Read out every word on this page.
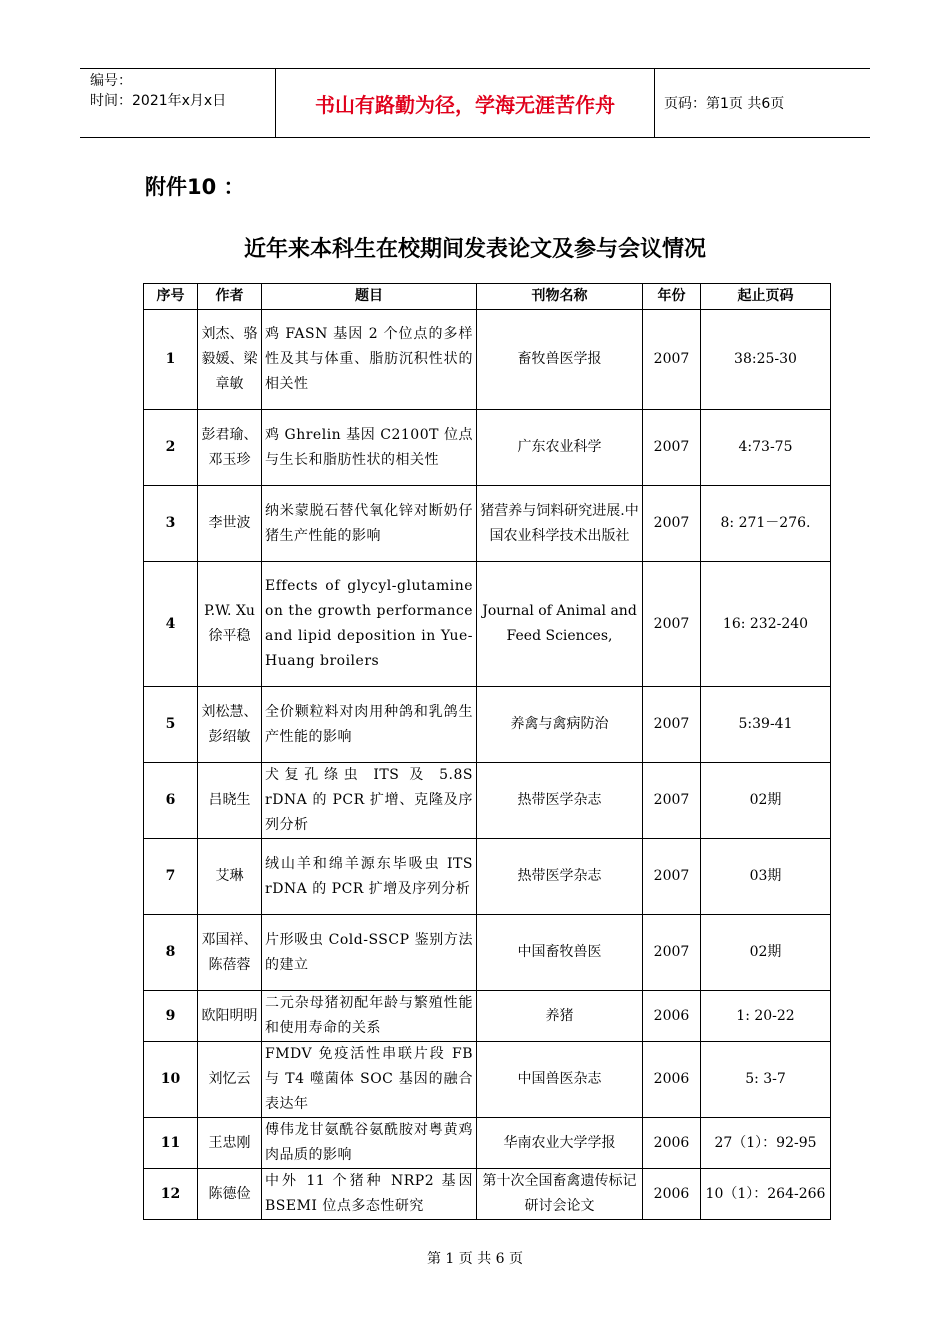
编号：
时间：2021年x月x日	书山有路勤为径，学海无涯苦作舟	页码：第1页 共6页
附件10 ：
近年来本科生在校期间发表论文及参与会议情况
序号	作者	题目	刊物名称	年份	起止页码
1	刘杰、骆毅媛、梁章敏	鸡 FASN 基因 2 个位点的多样性及其与体重、脂肪沉积性状的相关性	畜牧兽医学报	2007	38:25-30
2	彭君瑜、邓玉珍	鸡 Ghrelin 基因 C2100T 位点与生长和脂肪性状的相关性	广东农业科学	2007	4:73-75
3	李世波	纳米蒙脱石替代氧化锌对断奶仔猪生产性能的影响	猪营养与饲料研究进展.中国农业科学技术出版社	2007	8: 271－276.
4	P.W. Xu徐平稳	Effects of glycyl-glutamine on the growth performance and lipid deposition in Yue-Huang broilers	Journal of Animal and Feed Sciences,	2007	16: 232-240
5	刘松慧、彭绍敏	全价颗粒料对肉用种鸽和乳鸽生产性能的影响	养禽与禽病防治	2007	5:39-41
6	吕晓生	犬复孔绦虫 ITS 及 5.8S rDNA 的 PCR 扩增、克隆及序列分析	热带医学杂志	2007	02期
7	艾琳	绒山羊和绵羊源东毕吸虫 ITS rDNA 的 PCR 扩增及序列分析	热带医学杂志	2007	03期
8	邓国祥、陈蓓蓉	片形吸虫 Cold-SSCP 鉴别方法的建立	中国畜牧兽医	2007	02期
9	欧阳明明	二元杂母猪初配年龄与繁殖性能和使用寿命的关系	养猪	2006	1: 20-22
10	刘忆云	FMDV 免疫活性串联片段 FB 与 T4 噬菌体 SOC 基因的融合表达年	中国兽医杂志	2006	5: 3-7
11	王忠刚	傅伟龙甘氨酰谷氨酰胺对粤黄鸡肉品质的影响	华南农业大学学报	2006	27（1）：92-95
12	陈德俭	中外 11 个猪种 NRP2 基因 BSEMI 位点多态性研究	第十次全国畜禽遗传标记研讨会论文	2006	10（1）：264-266
第 1 页 共 6 页
